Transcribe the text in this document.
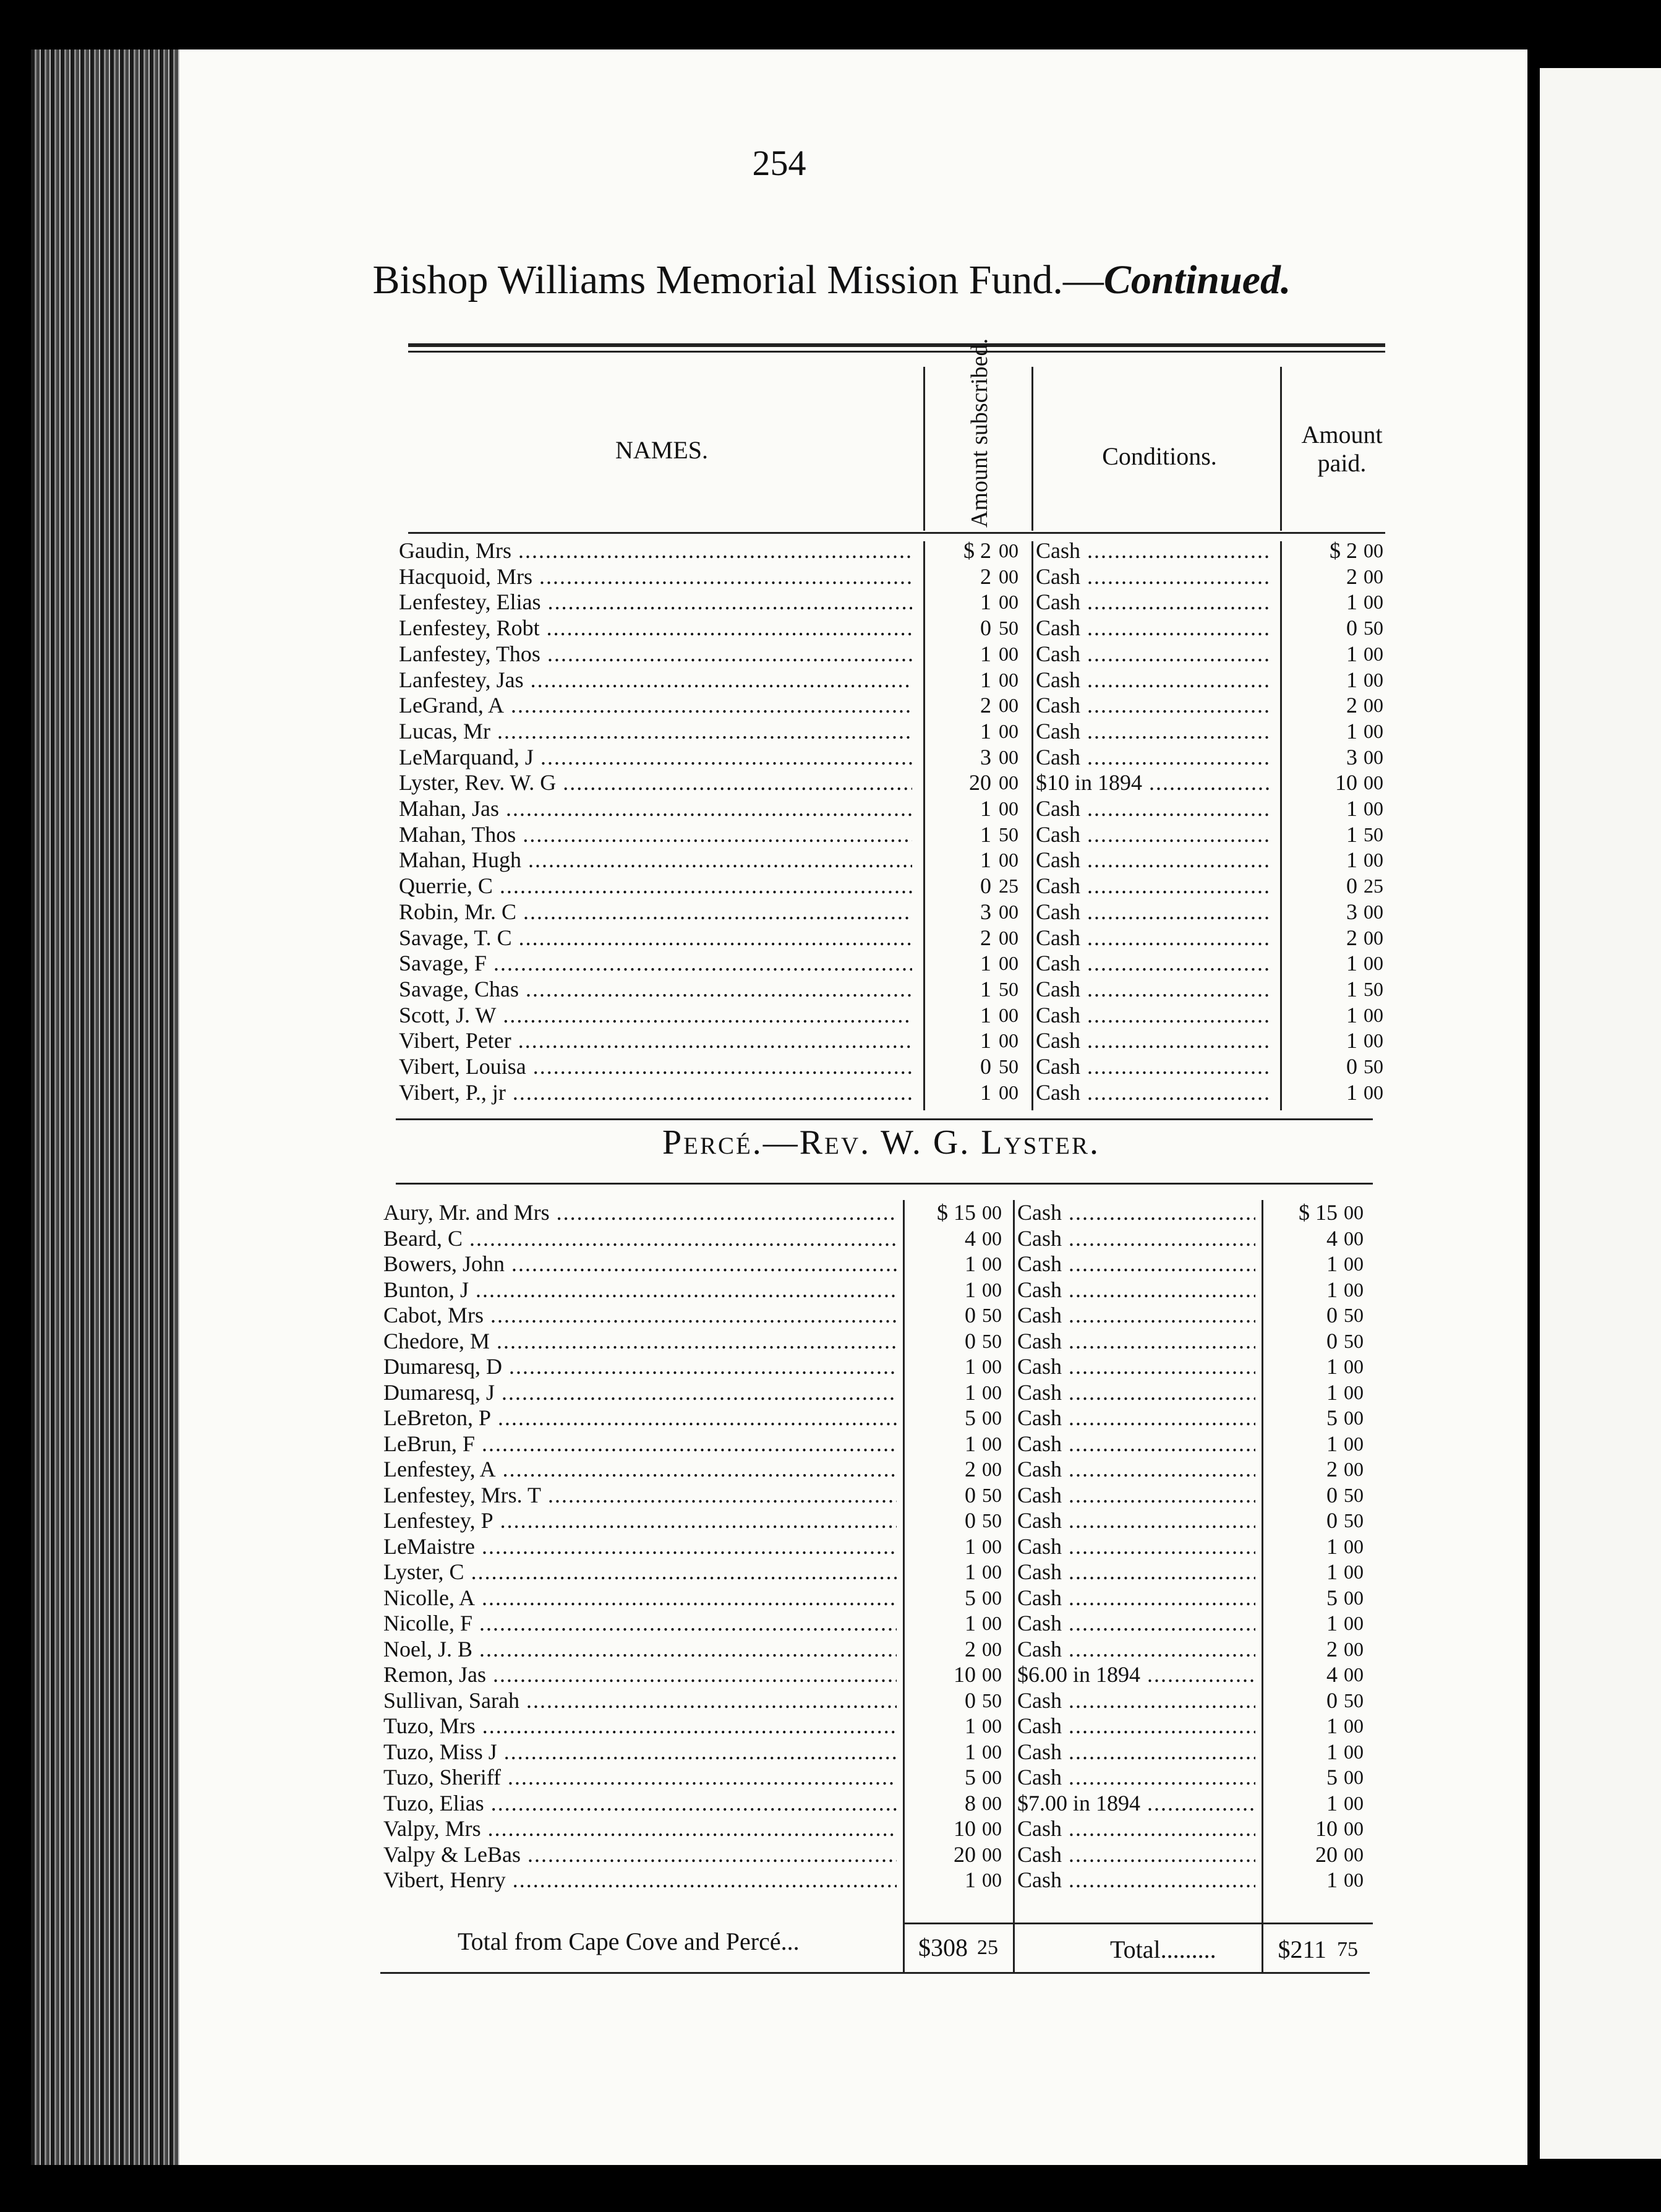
254
Bishop Williams Memorial Mission Fund.—Continued.
NAMES.	Amount subscribed.	Conditions.
Amount
paid.
Gaudin, Mrs .....	$ 2 00 Cash .....	$ 2 00
Hacquoid, Mrs .....	2 00 Cash .....	2 00
Lenfestey, Elias .....	1 00 Cash .....	1 00
Lenfestey, Robt .....	0 50 Cash .....	0 50
Lanfestey, Thos .....	1 00 Cash .....	1 00
Lanfestey, Jas .....	1 00 Cash .....	1 00
LeGrand, A .....	2 00 Cash .....	2 00
Lucas, Mr .....	1 00 Cash .....	1 00
LeMarquand, J .....	3 00 Cash .....	3 00
Lyster, Rev. W. G .....	20 00 $10 in 1894 .....	10 00
Mahan, Jas .....	1 00 Cash .....	1 00
Mahan, Thos .....	1 50 Cash .....	1 50
Mahan, Hugh .....	1 00 Cash .....	1 00
Querrie, C .....	0 25 Cash .....	0 25
Robin, Mr. C .....	3 00 Cash .....	3 00
Savage, T. C .....	2 00 Cash .....	2 00
Savage, F .....	1 00 Cash .....	1 00
Savage, Chas .....	1 50 Cash .....	1 50
Scott, J. W .....	1 00 Cash .....	1 00
Vibert, Peter .....	1 00 Cash .....	1 00
Vibert, Louisa .....	0 50 Cash .....	0 50
Vibert, P., jr .....	1 00 Cash .....	1 00
Percé.—Rev. W. G. Lyster.
Aury, Mr. and Mrs .....	$ 15 00 Cash .....	$ 15 00
Beard, C .....	4 00 Cash .....	4 00
Bowers, John .....	1 00 Cash .....	1 00
Bunton, J .....	1 00 Cash .....	1 00
Cabot, Mrs .....	0 50 Cash .....	0 50
Chedore, M .....	0 50 Cash .....	0 50
Dumaresq, D .....	1 00 Cash .....	1 00
Dumaresq, J .....	1 00 Cash .....	1 00
LeBreton, P .....	5 00 Cash .....	5 00
LeBrun, F .....	1 00 Cash .....	1 00
Lenfestey, A .....	2 00 Cash .....	2 00
Lenfestey, Mrs. T .....	0 50 Cash .....	0 50
Lenfestey, P .....	0 50 Cash .....	0 50
LeMaistre .....	1 00 Cash .....	1 00
Lyster, C .....	1 00 Cash .....	1 00
Nicolle, A .....	5 00 Cash .....	5 00
Nicolle, F .....	1 00 Cash .....	1 00
Noel, J. B .....	2 00 Cash .....	2 00
Remon, Jas .....	10 00 $6.00 in 1894 .....	4 00
Sullivan, Sarah .....	0 50 Cash .....	0 50
Tuzo, Mrs .....	1 00 Cash .....	1 00
Tuzo, Miss J .....	1 00 Cash .....	1 00
Tuzo, Sheriff .....	5 00 Cash .....	5 00
Tuzo, Elias .....	8 00 $7.00 in 1894 .....	1 00
Valpy, Mrs .....	10 00 Cash .....	10 00
Valpy & LeBas .....	20 00 Cash .....	20 00
Vibert, Henry .....	1 00 Cash .....	1 00
Total from Cape Cove and Percé...	$308 25	Total.........	$211 75
